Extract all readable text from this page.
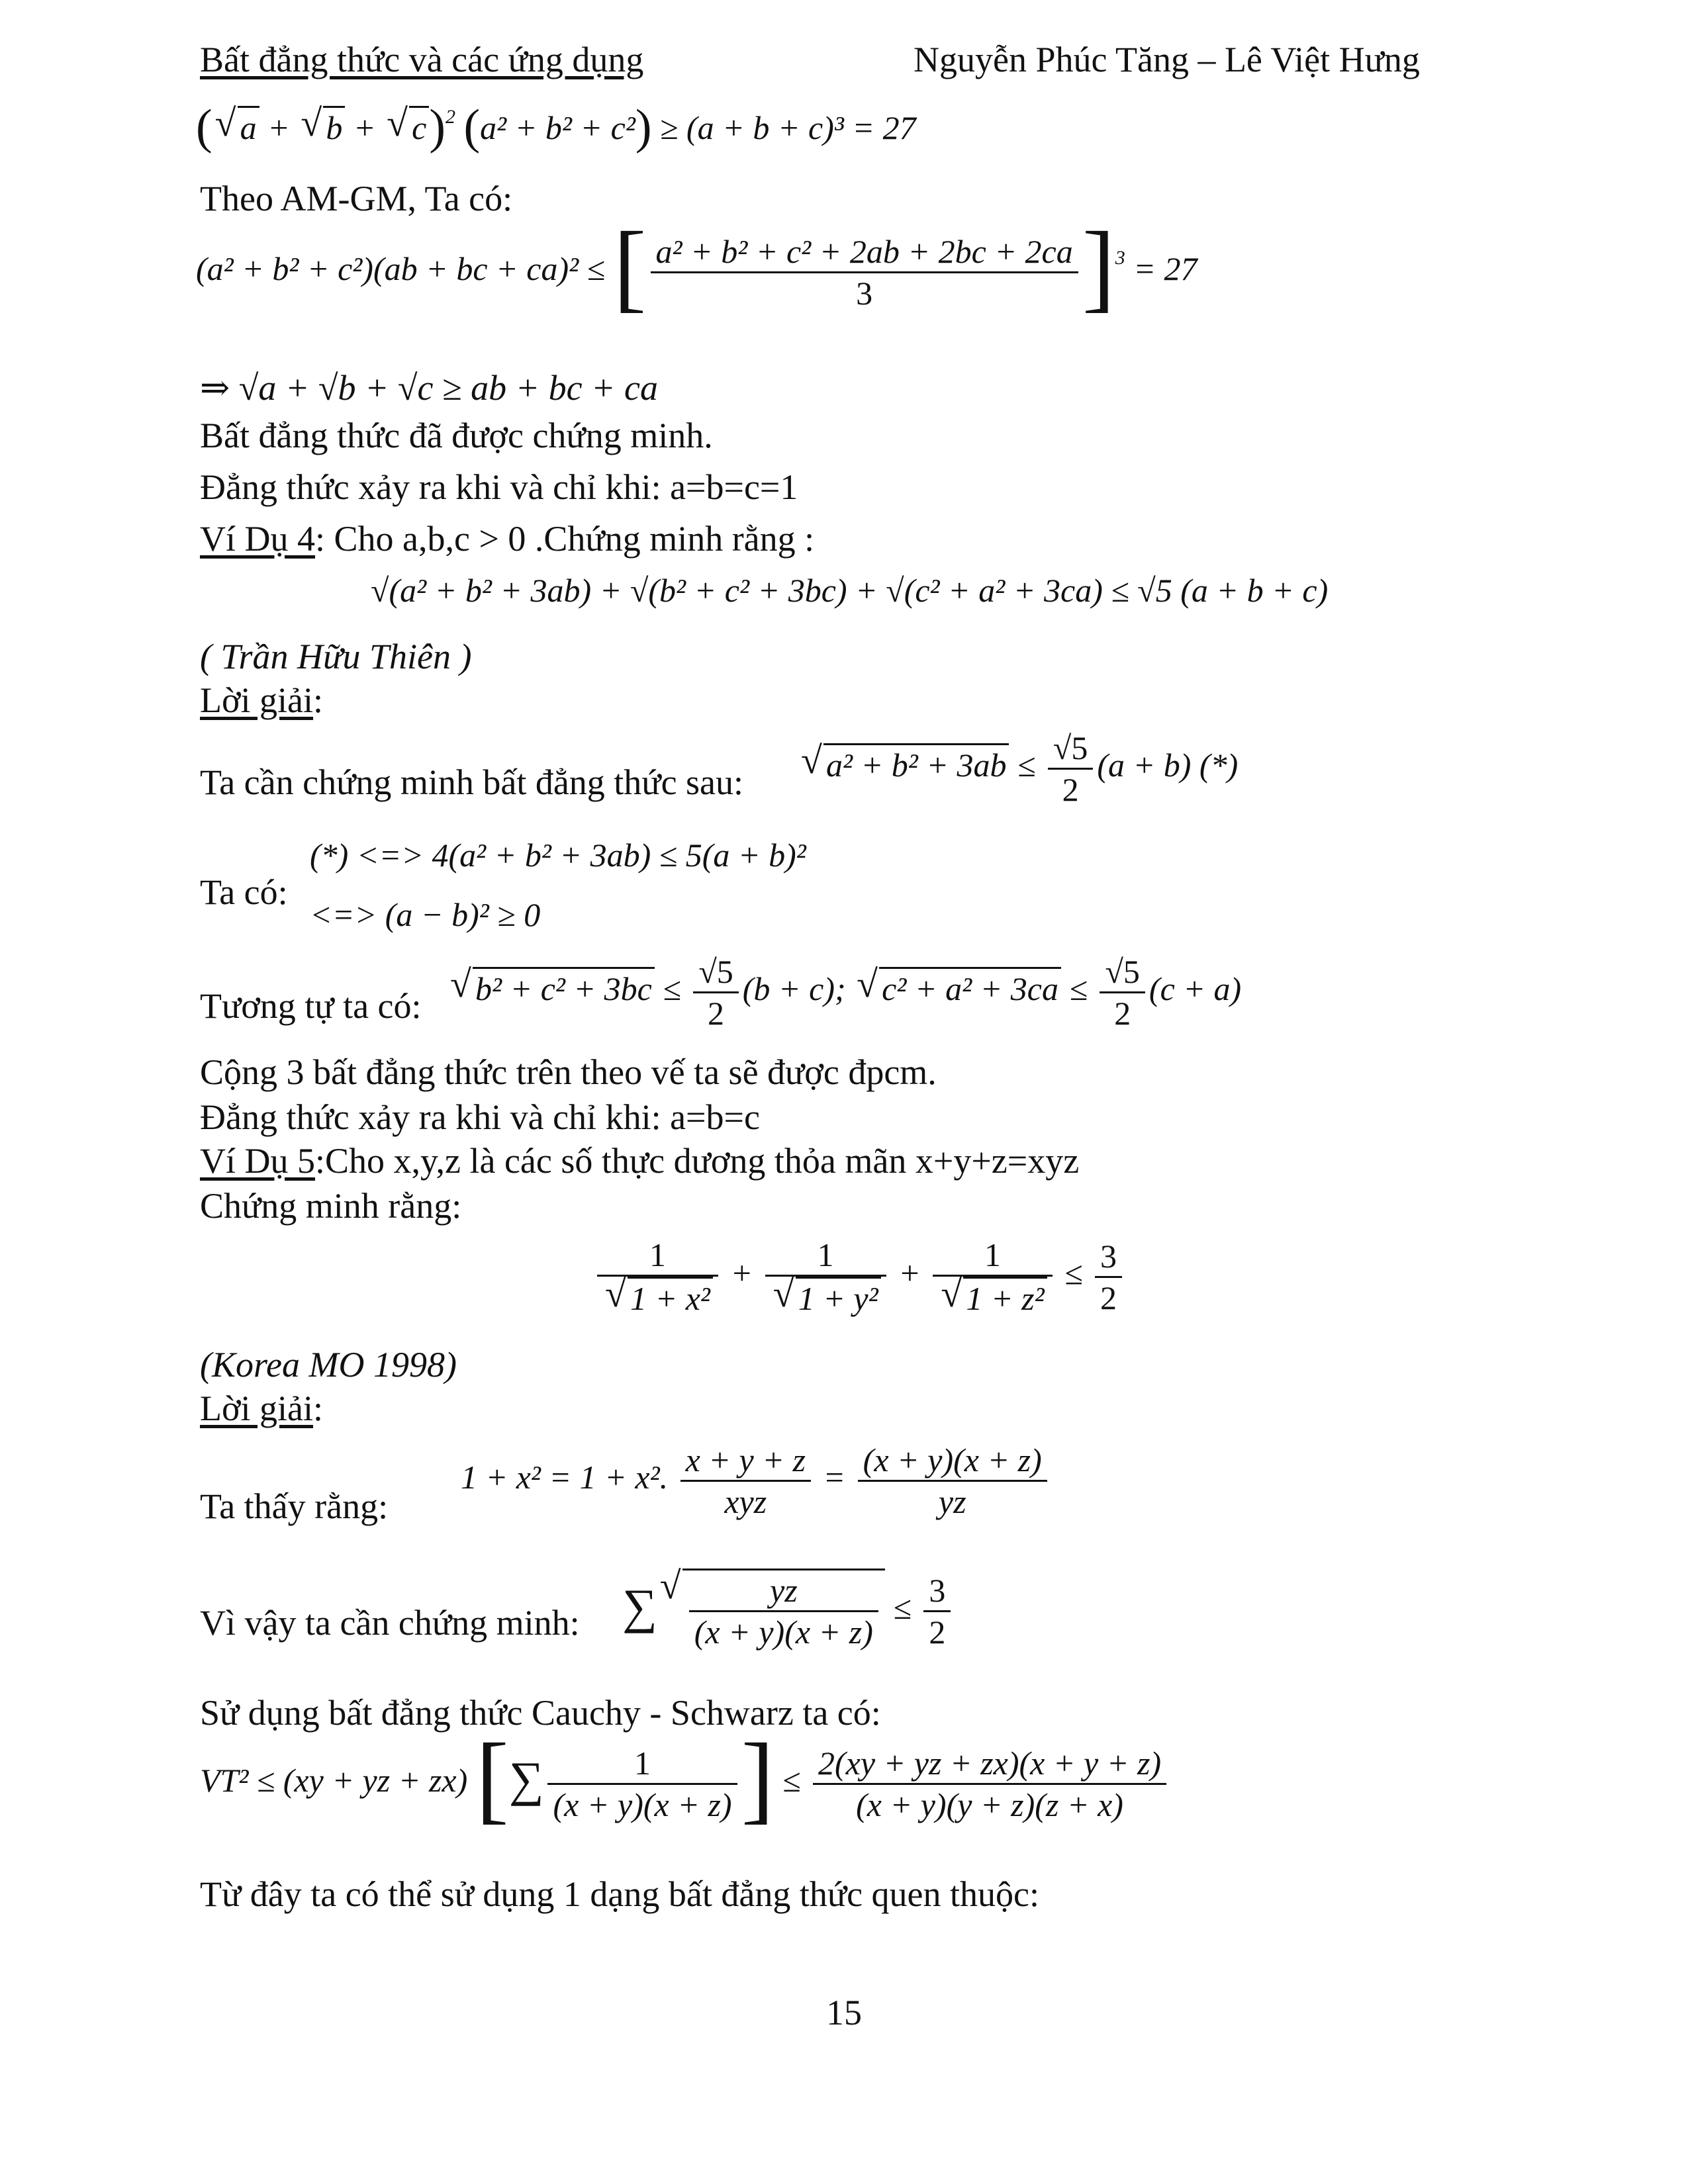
Bất đẳng thức và các ứng dụng	Nguyễn Phúc Tăng – Lê Việt Hưng
( √ a + √ b + √ c)$^2$ (a² + b² + c²) ≥ (a + b + c)³ = 27
Theo AM-GM, Ta có:
(a² + b² + c²)(ab + bc + ca)² ≤ [ $\frac{\text{a² + b² + c² + 2ab + 2bc + 2ca}}{3} ]^3 = 27$
⇒ √a + √b + √c ≥ ab + bc + ca
Bất đẳng thức đã được chứng minh.
Đẳng thức xảy ra khi và chỉ khi: a=b=c=1
Ví Dụ 4: Cho a,b,c > 0 .Chứng minh rằng :
√(a² + b² + 3ab) + √(b² + c² + 3bc) + √(c² + a² + 3ca) ≤ √5 (a + b + c)
( Trần Hữu Thiên )
Lời giải:
Ta cần chứng minh bất đẳng thức sau:	√ $a^2 + b^2 + 3ab \le \frac{√5}{2} (a + b)$ (*)
Ta có:
(*) <=> 4(a² + b² + 3ab) ≤ 5(a + b)²
<=> (a − b)² ≥ 0
Tương tự ta có:	√ $b^2 + c^2 + 3bc \le \frac{√5}{2} (b + c)$; √ $c^2 + a^2 + 3ca \le \frac{√5}{2} (c + a)$
Cộng 3 bất đẳng thức trên theo vế ta sẽ được đpcm.
Đẳng thức xảy ra khi và chỉ khi: a=b=c
Ví Dụ 5:Cho x,y,z là các số thực dương thỏa mãn x+y+z=xyz
Chứng minh rằng:
1
√ 1 + x² + 1
√ 1 + y² + 1
√ $1 + z^2 \le \frac{3}{2}$
(Korea MO 1998)
Lời giải:
Ta thấy rằng:
1 + x² = 1 + x². $\frac{x + y + z}{\text{xyz}} = \frac{(x + y)(x + z)}{yz}$
Vì vậy ta cần chứng minh: ∑ √ $\frac{yz}{(x + y)(x + z)} \le \frac{3}{2}$
Sử dụng bất đẳng thức Cauchy - Schwarz ta có:
VT² ≤ (xy + yz + zx) [∑ $\frac{1}{(x + y)(x + z)}$ ] ≤ $\frac{2(xy + yz + zx)(x + y + z)}{(x + y)(y + z)(z + x)}$
Từ đây ta có thể sử dụng 1 dạng bất đẳng thức quen thuộc:
15
